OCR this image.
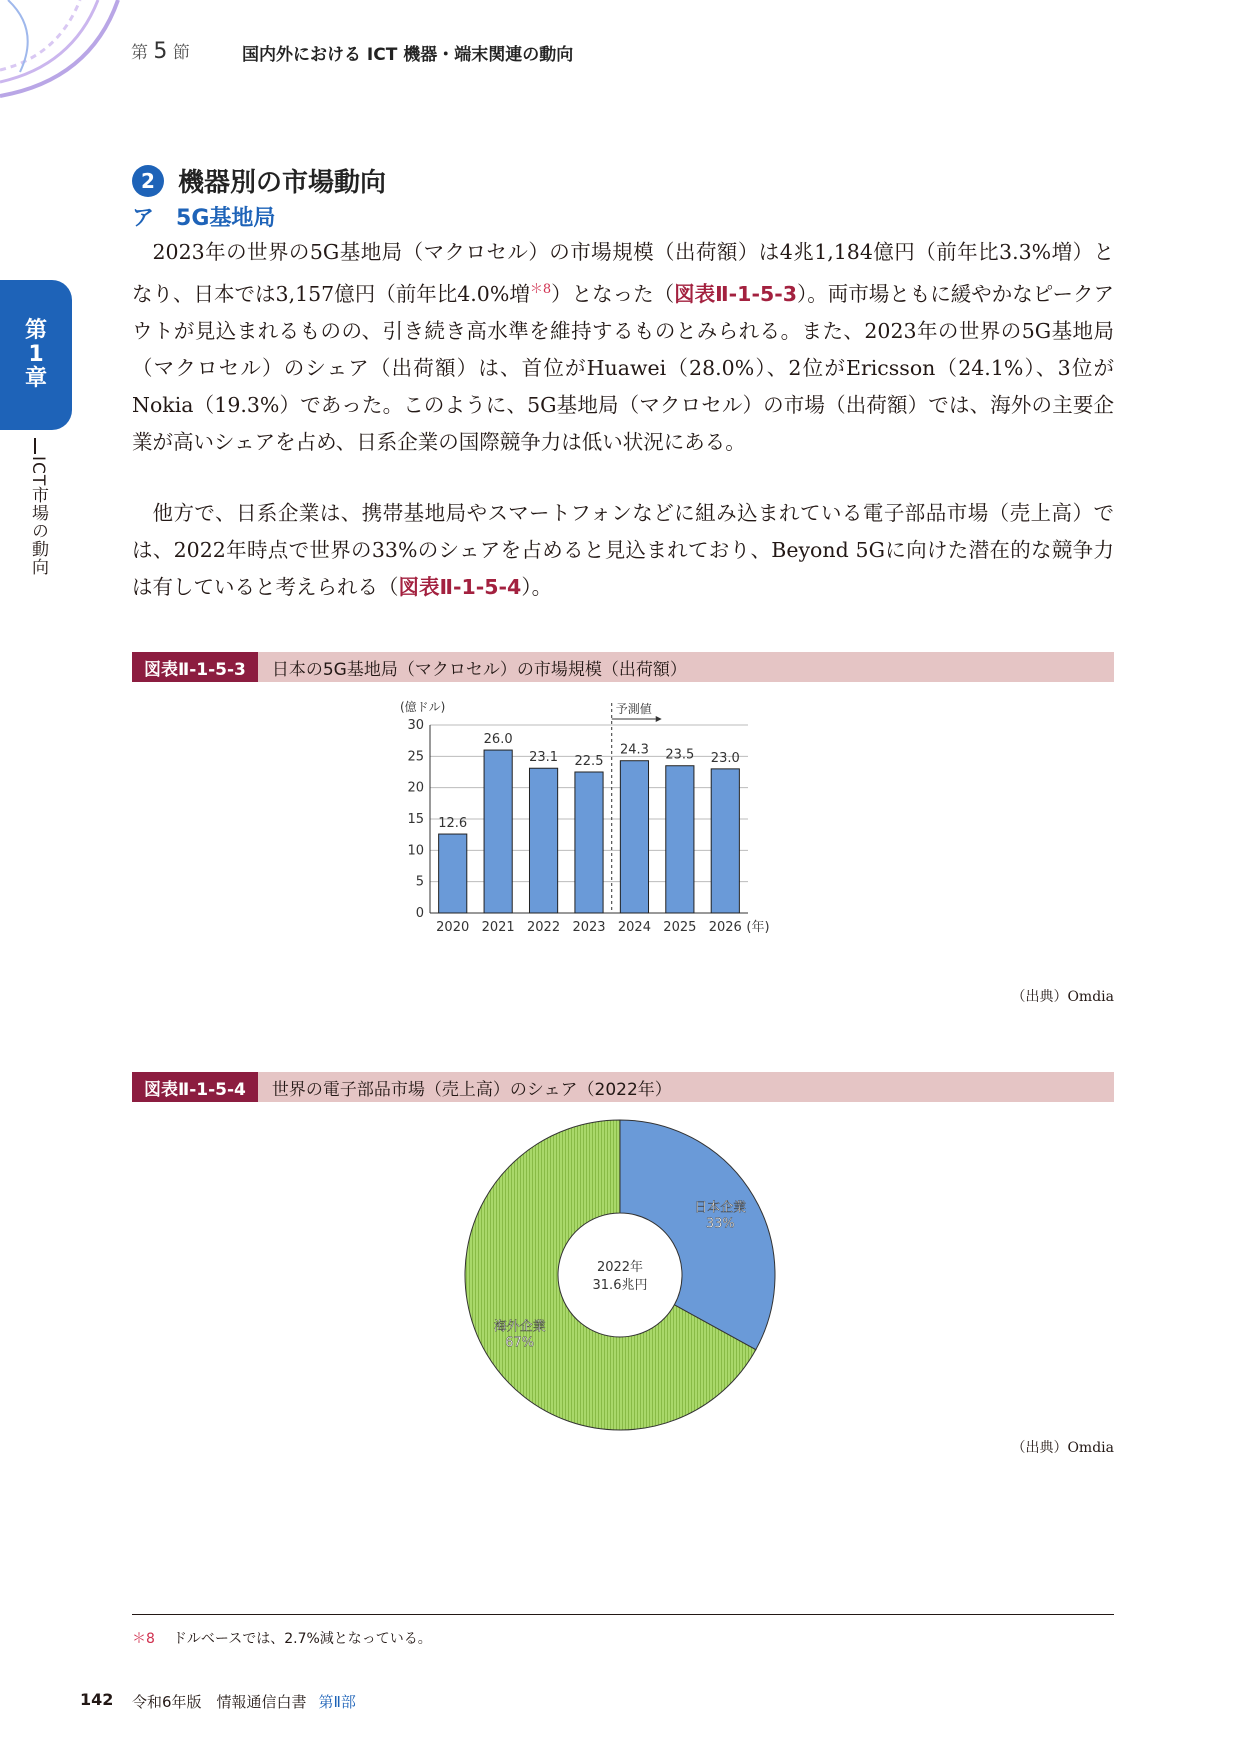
第 5 節	国内外における ICT 機器・端末関連の動向
第
1
章
ICT市場の動向
2 機器別の市場動向
ア 5G基地局
2023年の世界の5G基地局（マクロセル）の市場規模（出荷額）は4兆1,184億円（前年比3.3%増）となり、日本では3,157億円（前年比4.0%増$^{*8}$）となった（図表Ⅱ-1-5-3）。両市場ともに緩やかなピークアウトが見込まれるものの、引き続き高水準を維持するものとみられる。また、2023年の世界の5G基地局（マクロセル）のシェア（出荷額）は、首位がHuawei（28.0%）、2位がEricsson（24.1%）、3位がNokia（19.3%）であった。このように、5G基地局（マクロセル）の市場（出荷額）では、海外の主要企業が高いシェアを占め、日系企業の国際競争力は低い状況にある。
他方で、日系企業は、携帯基地局やスマートフォンなどに組み込まれている電子部品市場（売上高）では、2022年時点で世界の33%のシェアを占めると見込まれており、Beyond 5Gに向けた潜在的な競争力は有していると考えられる（図表Ⅱ-1-5-4）。
図表Ⅱ-1-5-3	日本の5G基地局（マクロセル）の市場規模（出荷額）
0
5
10
15
20
25
30
(億ドル)
12.6
2020
26.0
2021
23.1
2022
22.5
2023
24.3
2024
23.5
2025
23.0
2026 (年)
予測値
（出典）Omdia
図表Ⅱ-1-5-4	世界の電子部品市場（売上高）のシェア（2022年）
日本企業
33%
海外企業
67%
2022年
31.6兆円
（出典）Omdia
＊8 ドルベースでは、2.7%減となっている。
142 令和6年版　情報通信白書 第Ⅱ部
